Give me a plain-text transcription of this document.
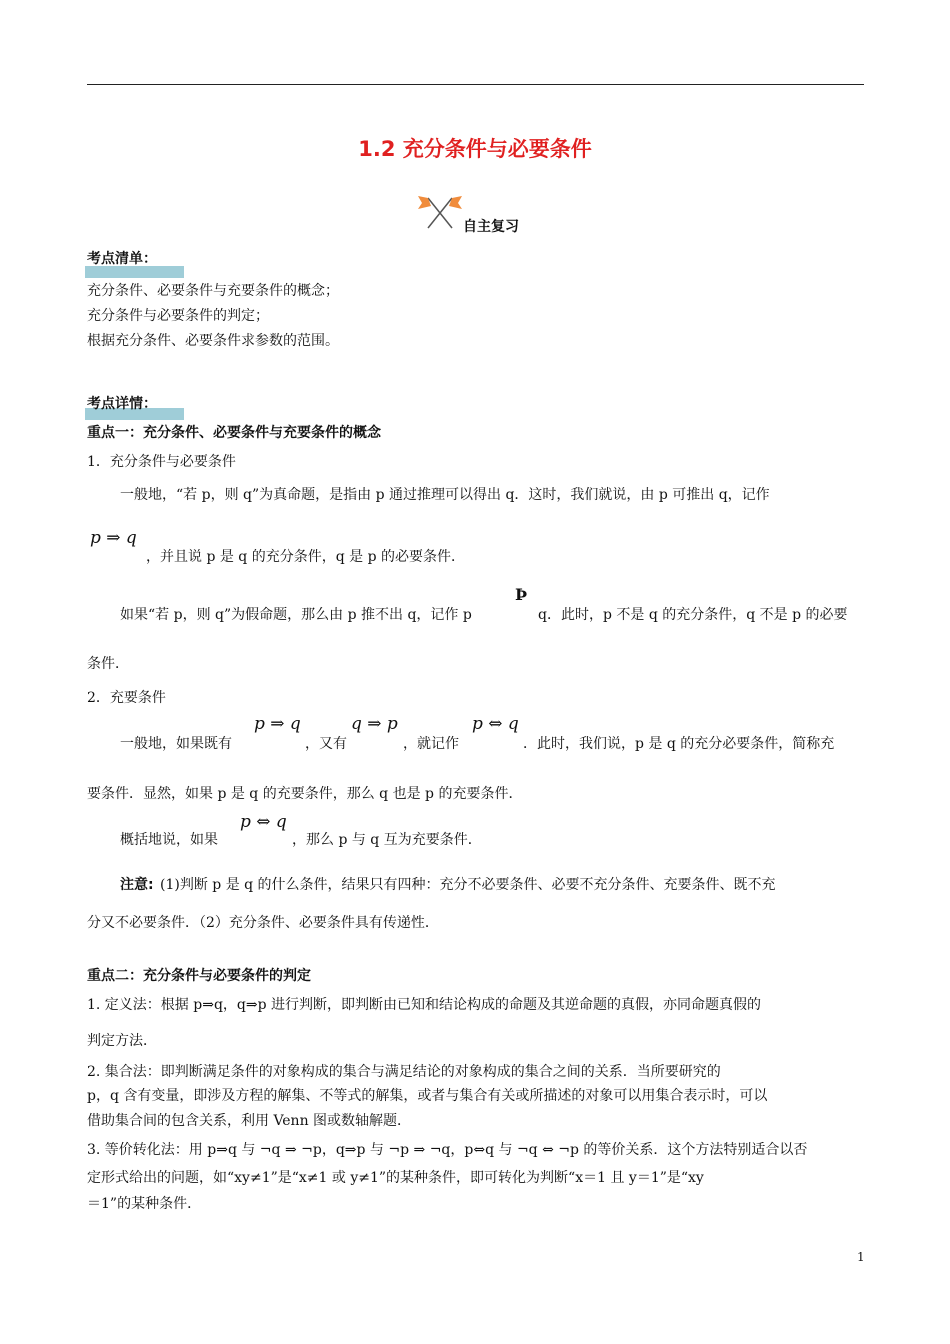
1.2 充分条件与必要条件
自主复习
考点清单：
充分条件、必要条件与充要条件的概念；
充分条件与必要条件的判定；
根据充分条件、必要条件求参数的范围。
考点详情：
重点一：充分条件、必要条件与充要条件的概念
1．充分条件与必要条件
一般地，“若 p，则 q”为真命题，是指由 p 通过推理可以得出 q．这时，我们就说，由 p 可推出 q，记作
p ⇒ q
，并且说 p 是 q 的充分条件，q 是 p 的必要条件．
Þ
如果“若 p，则 q”为假命题，那么由 p 推不出 q，记作 p	q．此时，p 不是 q 的充分条件，q 不是 p 的必要
条件．
2．充要条件
一般地，如果既有
p ⇒ q
，又有
q ⇒ p
，就记作
p ⇔ q
．此时，我们说，p 是 q 的充分必要条件，简称充
要条件．显然，如果 p 是 q 的充要条件，那么 q 也是 p 的充要条件．
概括地说，如果
p ⇔ q
，那么 p 与 q 互为充要条件．
注意: (1)判断 p 是 q 的什么条件，结果只有四种：充分不必要条件、必要不充分条件、充要条件、既不充
分又不必要条件．（2）充分条件、必要条件具有传递性．
重点二：充分条件与必要条件的判定
1. 定义法：根据 p⇒q，q⇒p 进行判断，即判断由已知和结论构成的命题及其逆命题的真假，亦同命题真假的
判定方法．
2. 集合法：即判断满足条件的对象构成的集合与满足结论的对象构成的集合之间的关系．当所要研究的
p，q 含有变量，即涉及方程的解集、不等式的解集，或者与集合有关或所描述的对象可以用集合表示时，可以
借助集合间的包含关系，利用 Venn 图或数轴解题．
3. 等价转化法：用 p⇒q 与 ¬q ⇒ ¬p，q⇒p 与 ¬p ⇒ ¬q，p⇔q 与 ¬q ⇔ ¬p 的等价关系．这个方法特别适合以否
定形式给出的问题，如“xy≠1”是“x≠1 或 y≠1”的某种条件，即可转化为判断“x＝1 且 y＝1”是“xy
＝1”的某种条件．
1
